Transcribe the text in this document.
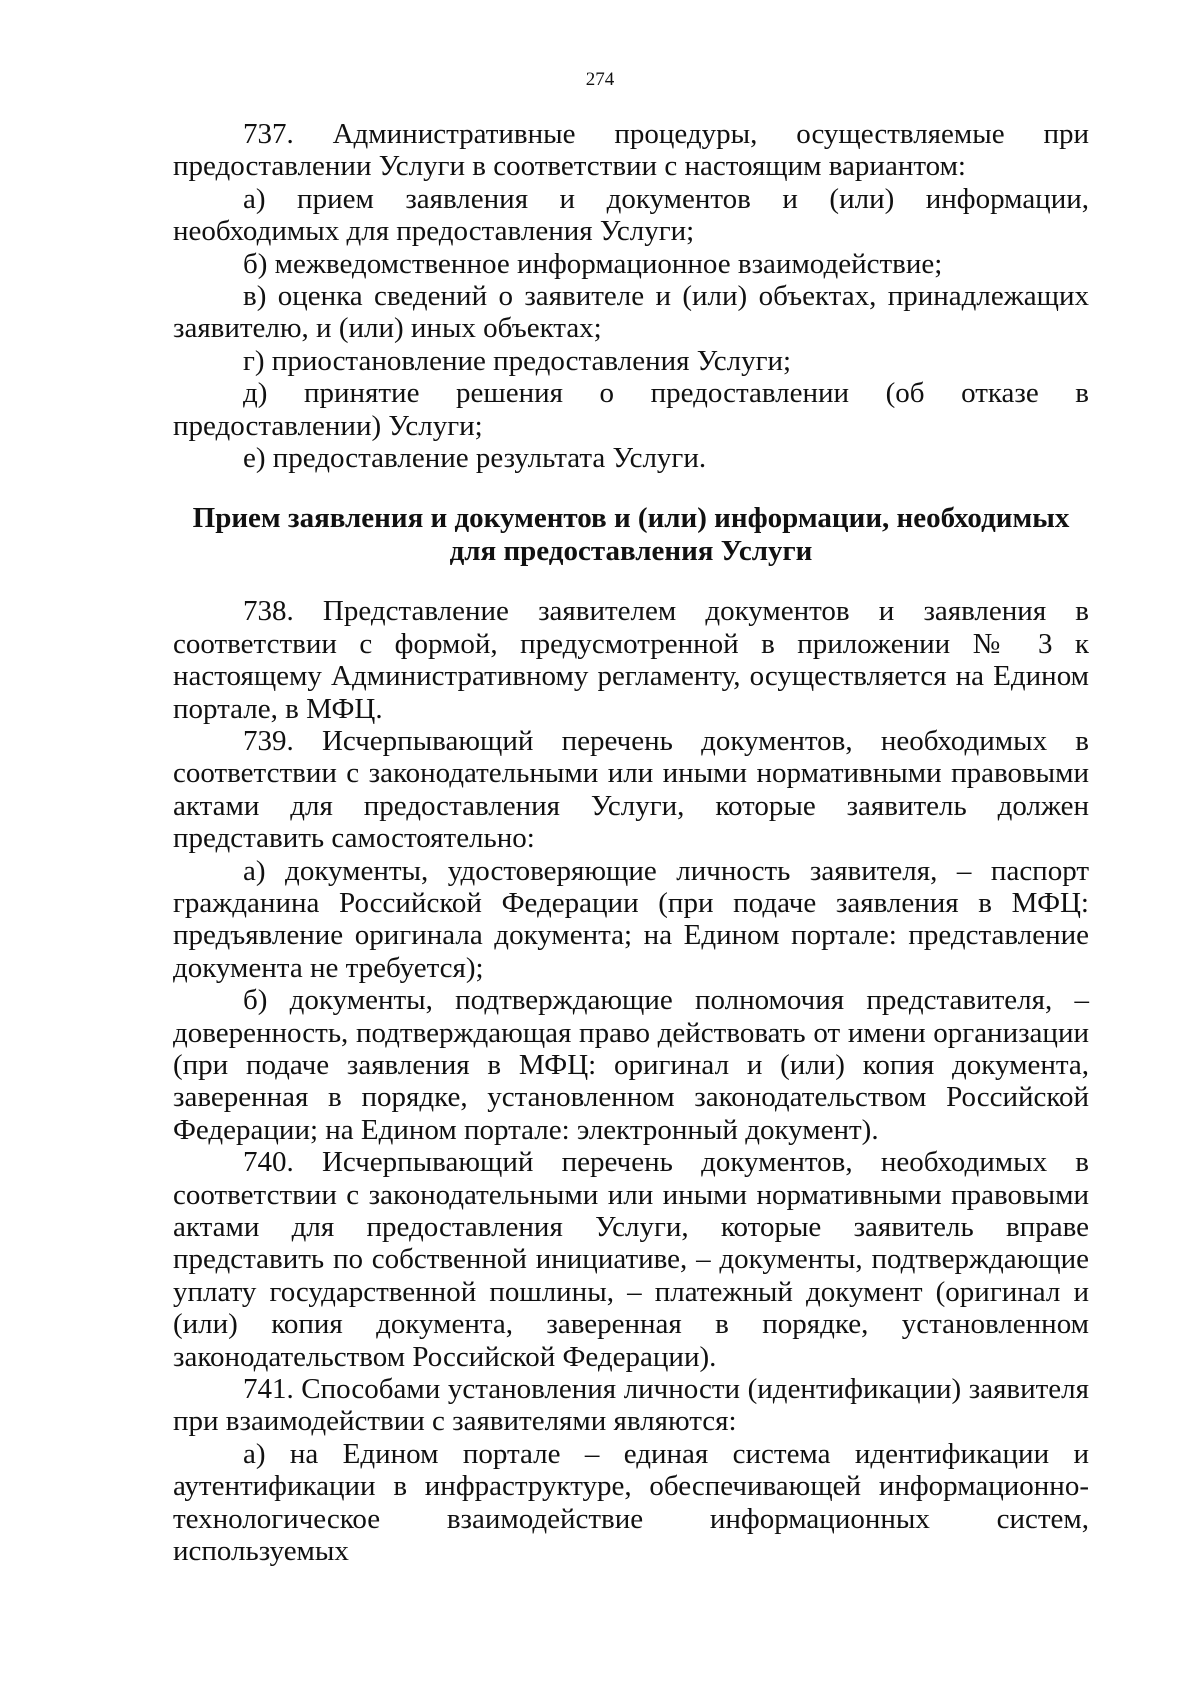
274

737. Административные процедуры, осуществляемые при предоставлении Услуги в соответствии с настоящим вариантом:

а) прием заявления и документов и (или) информации, необходимых для предоставления Услуги;

б) межведомственное информационное взаимодействие;

в) оценка сведений о заявителе и (или) объектах, принадлежащих заявителю, и (или) иных объектах;

г) приостановление предоставления Услуги;

д) принятие решения о предоставлении (об отказе в предоставлении) Услуги;

е) предоставление результата Услуги.

Прием заявления и документов и (или) информации, необходимых для предоставления Услуги

738. Представление заявителем документов и заявления в соответствии с формой, предусмотренной в приложении № 3 к настоящему Административному регламенту, осуществляется на Едином портале, в МФЦ.

739. Исчерпывающий перечень документов, необходимых в соответствии с законодательными или иными нормативными правовыми актами для предоставления Услуги, которые заявитель должен представить самостоятельно:

а) документы, удостоверяющие личность заявителя, – паспорт гражданина Российской Федерации (при подаче заявления в МФЦ: предъявление оригинала документа; на Едином портале: представление документа не требуется);

б) документы, подтверждающие полномочия представителя, – доверенность, подтверждающая право действовать от имени организации (при подаче заявления в МФЦ: оригинал и (или) копия документа, заверенная в порядке, установленном законодательством Российской Федерации; на Едином портале: электронный документ).

740. Исчерпывающий перечень документов, необходимых в соответствии с законодательными или иными нормативными правовыми актами для предоставления Услуги, которые заявитель вправе представить по собственной инициативе, – документы, подтверждающие уплату государственной пошлины, – платежный документ (оригинал и (или) копия документа, заверенная в порядке, установленном законодательством Российской Федерации).

741. Способами установления личности (идентификации) заявителя при взаимодействии с заявителями являются:

а) на Едином портале – единая система идентификации и аутентификации в инфраструктуре, обеспечивающей информационно-технологическое взаимодействие информационных систем, используемых
